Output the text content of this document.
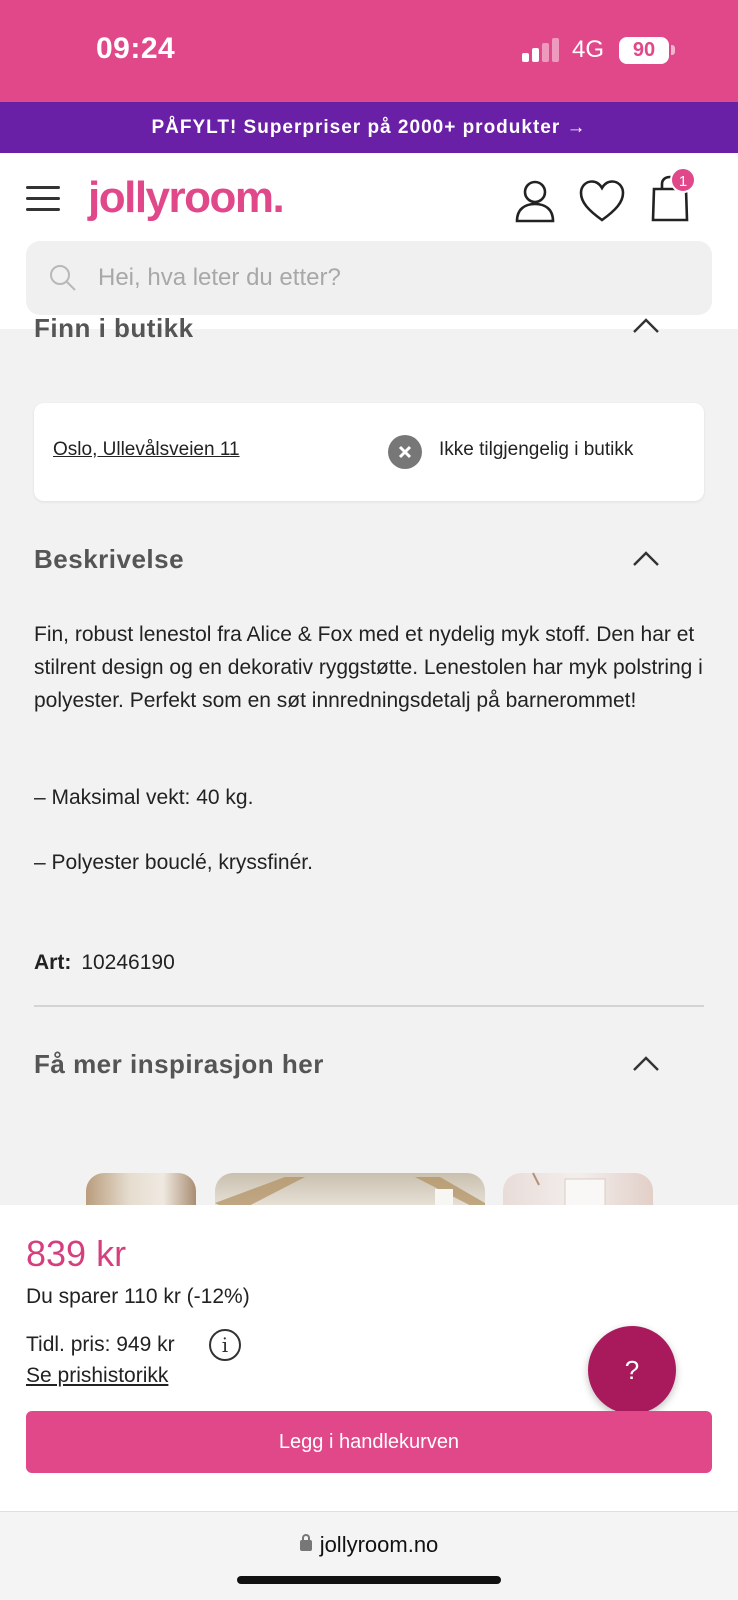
09:24	4G	90
PÅFYLT! Superpriser på 2000+ produkter →
jollyroom.	1
Hei, hva leter du etter?
Finn i butikk
Oslo, Ullevålsveien 11	Ikke tilgjengelig i butikk
Beskrivelse
Fin, robust lenestol fra Alice & Fox med et nydelig myk stoff. Den har et stilrent design og en dekorativ ryggstøtte. Lenestolen har myk polstring i polyester. Perfekt som en søt innredningsdetalj på barnerommet!
– Maksimal vekt: 40 kg.
– Polyester bouclé, kryssfinér.
Art: 10246190
Få mer inspirasjon her
839 kr
Du sparer 110 kr (-12%)
Tidl. pris: 949 kr	i
Se prishistorikk	?
Legg i handlekurven
jollyroom.no
